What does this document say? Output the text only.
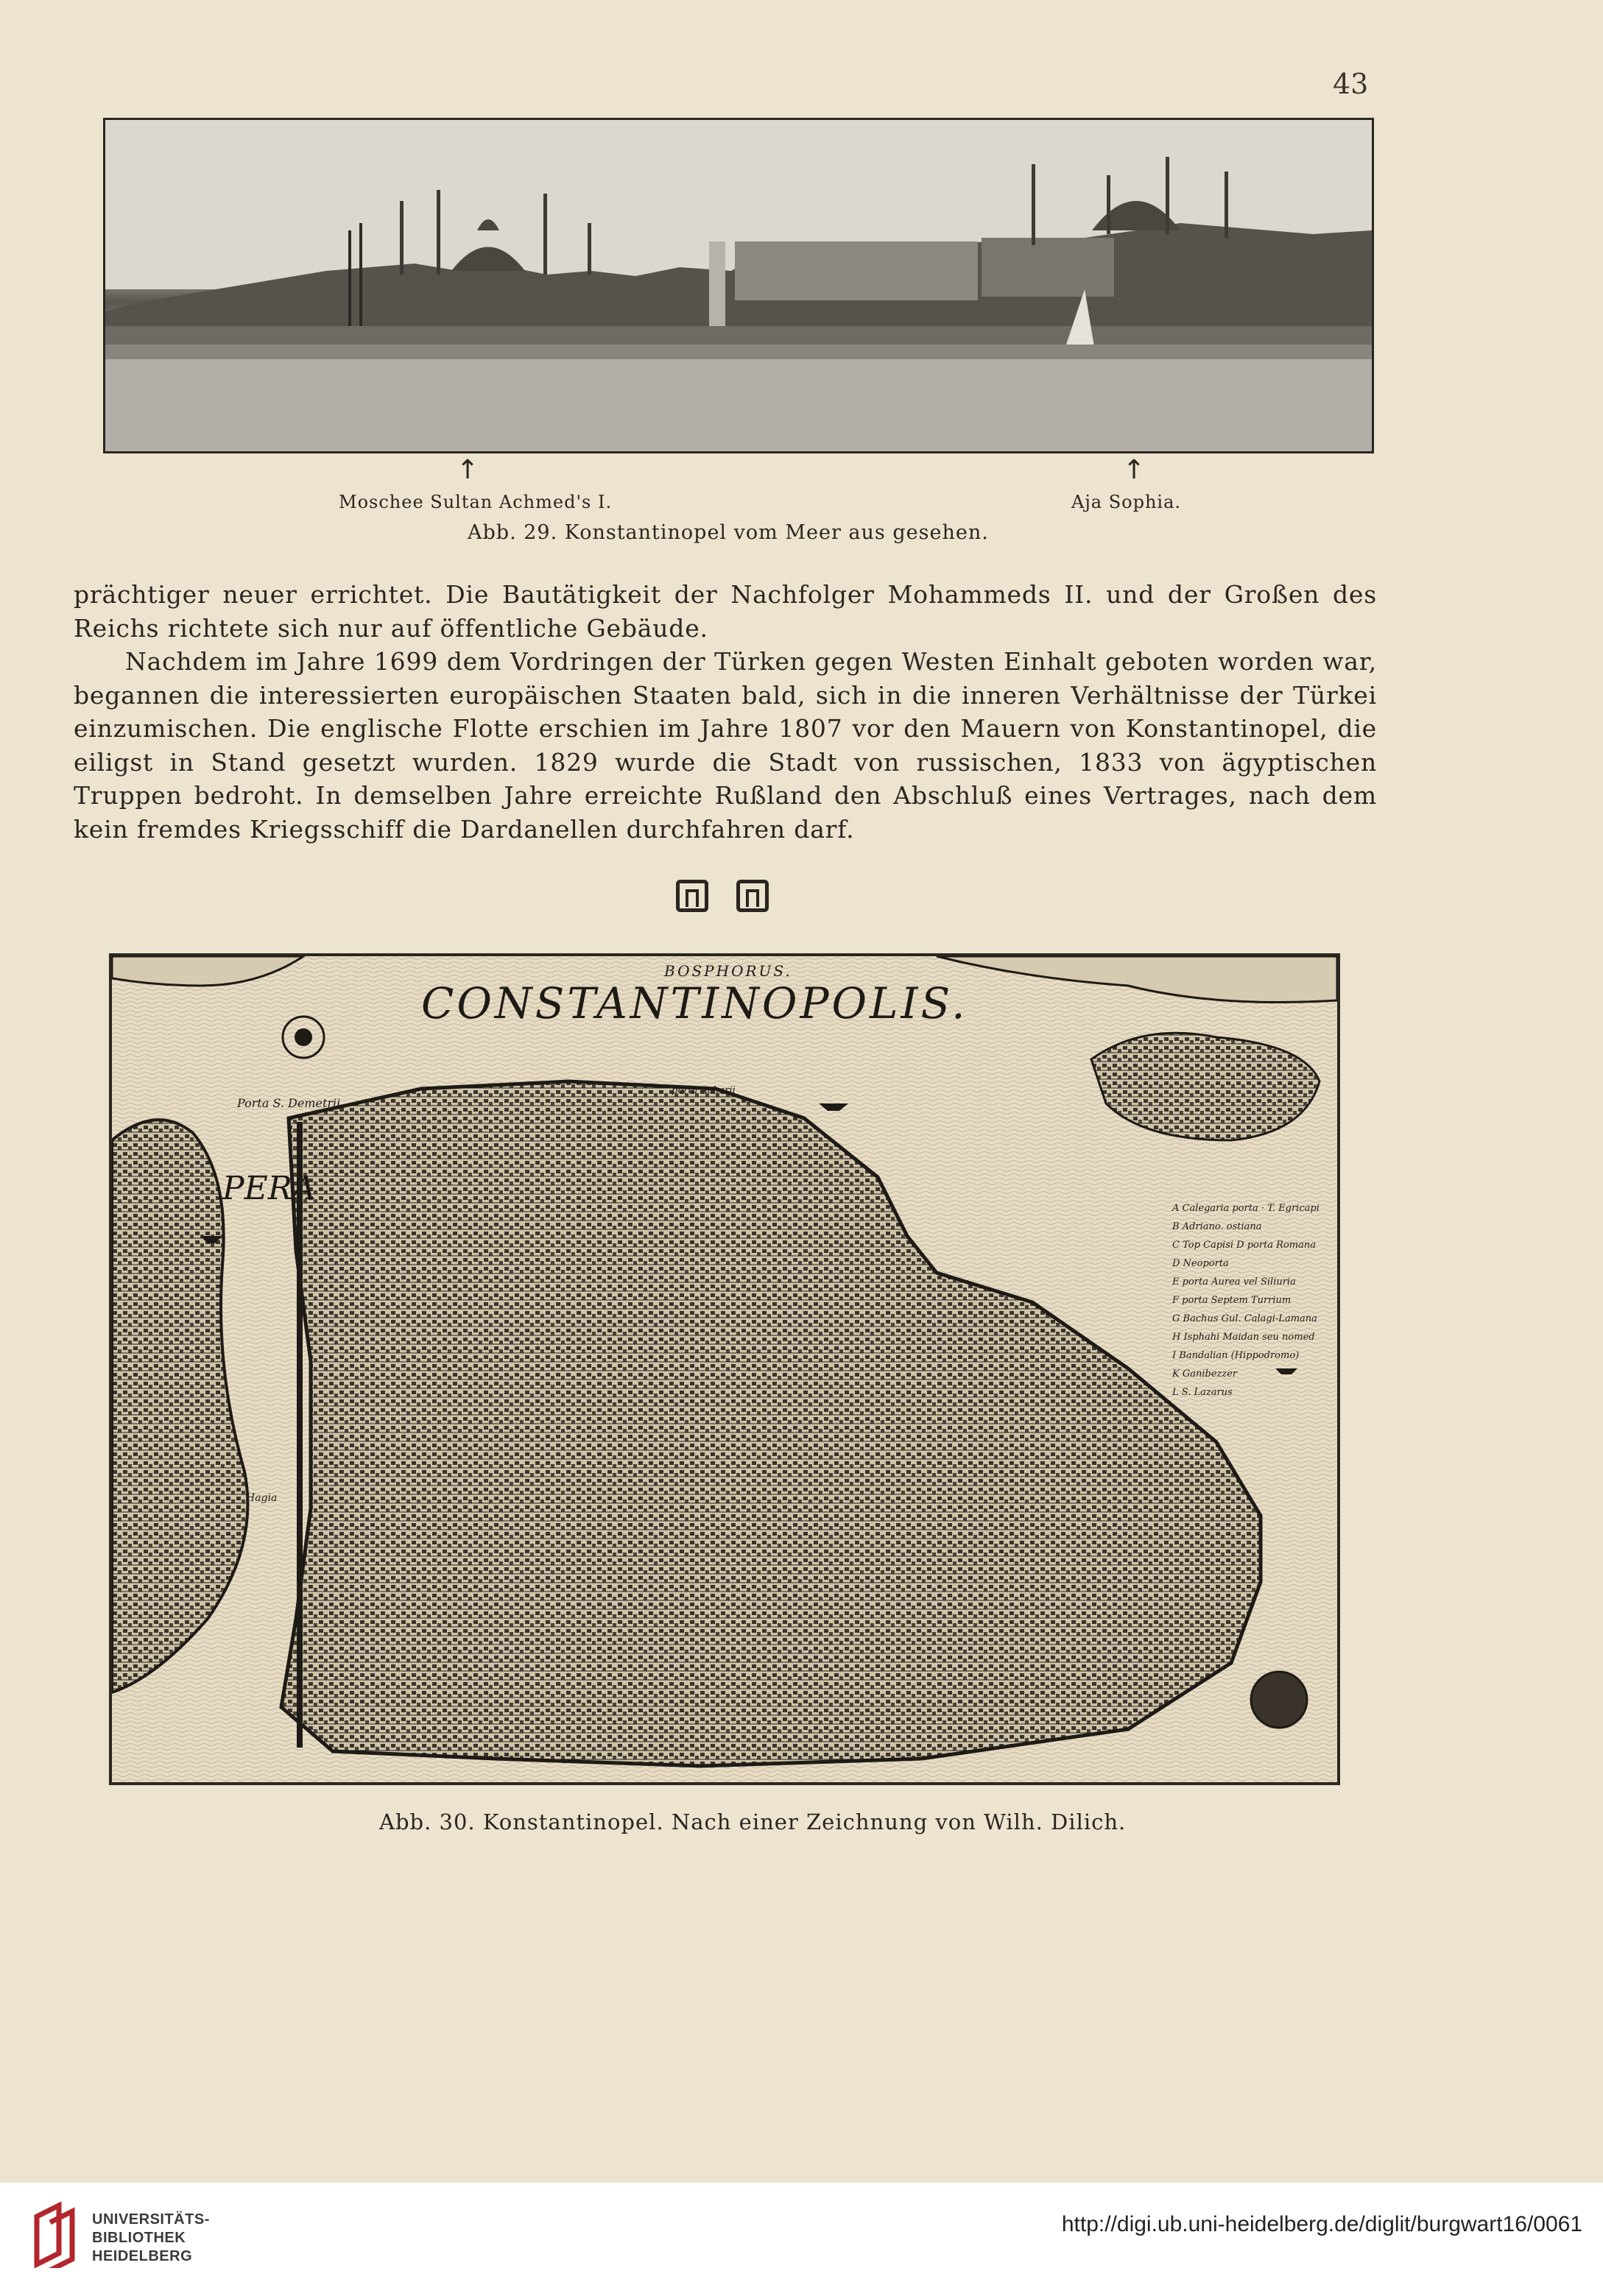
43
↑	↑
Moschee Sultan Achmed's I.	Aja Sophia.
Abb. 29. Konstantinopel vom Meer aus gesehen.

prächtiger neuer errichtet. Die Bautätigkeit der Nachfolger Mohammeds II. und der Großen des Reichs richtete sich nur auf öffentliche Gebäude.

Nachdem im Jahre 1699 dem Vordringen der Türken gegen Westen Einhalt geboten worden war, begannen die interessierten europäischen Staaten bald, sich in die inneren Verhältnisse der Türkei einzumischen. Die englische Flotte erschien im Jahre 1807 vor den Mauern von Konstantinopel, die eiligst in Stand gesetzt wurden. 1829 wurde die Stadt von russischen, 1833 von ägyptischen Truppen bedroht. In demselben Jahre erreichte Rußland den Abschluß eines Vertrages, nach dem kein fremdes Kriegsschiff die Dardanellen durchfahren darf.

CONSTANTINOPOLIS.
BOSPHORUS.
PERA
Porta S. Demetrii
porta Acharii
Hagia
A Calegaria porta · T. Egricapi
B Adriano. ostiana
C Top Capisi D porta Romana
D Neoporta
E porta Aurea vel Siliuria
F porta Septem Turrium
G Bachus Gul. Calagi-Lamana
H Isphahi Maidan seu nomed
I Bandalian (Hippodromo)
K Ganibezzer
L S. Lazarus
Abb. 30. Konstantinopel. Nach einer Zeichnung von Wilh. Dilich.
UNIVERSITÄTS-
BIBLIOTHEK
HEIDELBERG
http://digi.ub.uni-heidelberg.de/diglit/burgwart16/0061
